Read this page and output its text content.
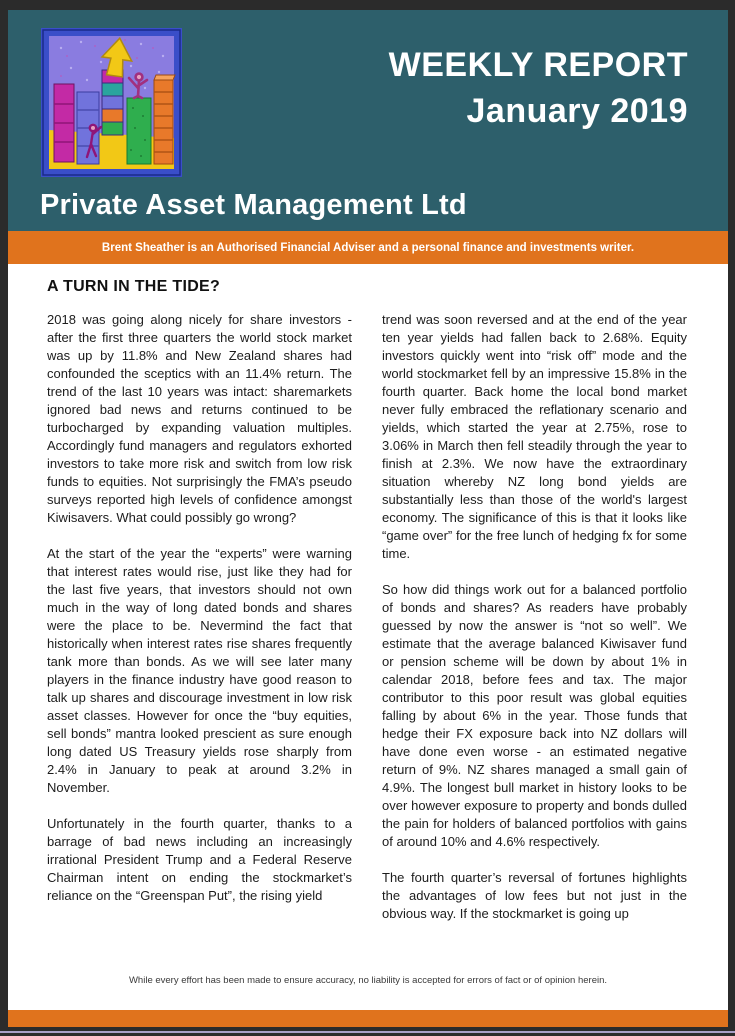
WEEKLY REPORT
January 2019
Private Asset Management Ltd
Brent Sheather is an Authorised Financial Adviser and a personal finance and investments writer.
A TURN IN THE TIDE?

2018 was going along nicely for share investors - after the first three quarters the world stock market was up by 11.8% and New Zealand shares had confounded the sceptics with an 11.4% return. The trend of the last 10 years was intact: sharemarkets ignored bad news and returns continued to be turbocharged by expanding valuation multiples. Accordingly fund managers and regulators exhorted investors to take more risk and switch from low risk funds to equities. Not surprisingly the FMA’s pseudo surveys reported high levels of confidence amongst Kiwisavers. What could possibly go wrong?

At the start of the year the “experts” were warning that interest rates would rise, just like they had for the last five years, that investors should not own much in the way of long dated bonds and shares were the place to be. Nevermind the fact that historically when interest rates rise shares frequently tank more than bonds. As we will see later many players in the finance industry have good reason to talk up shares and discourage investment in low risk asset classes. However for once the “buy equities, sell bonds” mantra looked prescient as sure enough long dated US Treasury yields rose sharply from 2.4% in January to peak at around 3.2% in November.

Unfortunately in the fourth quarter, thanks to a barrage of bad news including an increasingly irrational President Trump and a Federal Reserve Chairman intent on ending the stockmarket’s reliance on the “Greenspan Put”, the rising yield

trend was soon reversed and at the end of the year ten year yields had fallen back to 2.68%. Equity investors quickly went into “risk off” mode and the world stockmarket fell by an impressive 15.8% in the fourth quarter. Back home the local bond market never fully embraced the reflationary scenario and yields, which started the year at 2.75%, rose to 3.06% in March then fell steadily through the year to finish at 2.3%. We now have the extraordinary situation whereby NZ long bond yields are substantially less than those of the world's largest economy. The significance of this is that it looks like “game over” for the free lunch of hedging fx for some time.

So how did things work out for a balanced portfolio of bonds and shares? As readers have probably guessed by now the answer is “not so well”. We estimate that the average balanced Kiwisaver fund or pension scheme will be down by about 1% in calendar 2018, before fees and tax. The major contributor to this poor result was global equities falling by about 6% in the year. Those funds that hedge their FX exposure back into NZ dollars will have done even worse - an estimated negative return of 9%. NZ shares managed a small gain of 4.9%. The longest bull market in history looks to be over however exposure to property and bonds dulled the pain for holders of balanced portfolios with gains of around 10% and 4.6% respectively.

The fourth quarter’s reversal of fortunes highlights the advantages of low fees but not just in the obvious way. If the stockmarket is going up

While every effort has been made to ensure accuracy, no liability is accepted for errors of fact or of opinion herein.
